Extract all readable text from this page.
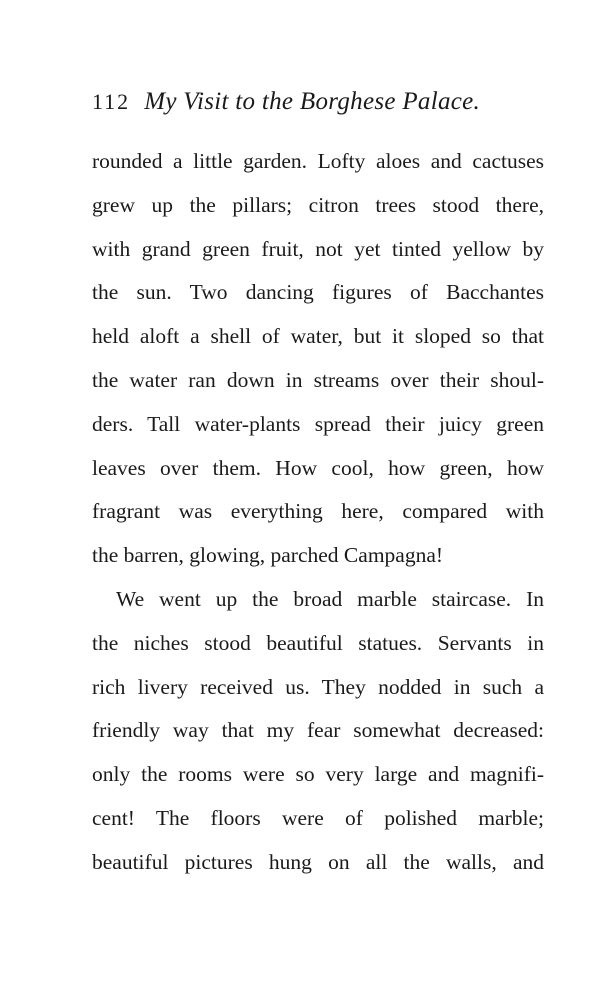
112 My Visit to the Borghese Palace.
rounded a little garden. Lofty aloes and cactuses
grew up the pillars; citron trees stood there,
with grand green fruit, not yet tinted yellow by
the sun. Two dancing figures of Bacchantes
held aloft a shell of water, but it sloped so that
the water ran down in streams over their shoul-
ders. Tall water-plants spread their juicy green
leaves over them. How cool, how green, how
fragrant was everything here, compared with
the barren, glowing, parched Campagna!
We went up the broad marble staircase. In
the niches stood beautiful statues. Servants in
rich livery received us. They nodded in such a
friendly way that my fear somewhat decreased:
only the rooms were so very large and magnifi-
cent! The floors were of polished marble;
beautiful pictures hung on all the walls, and
